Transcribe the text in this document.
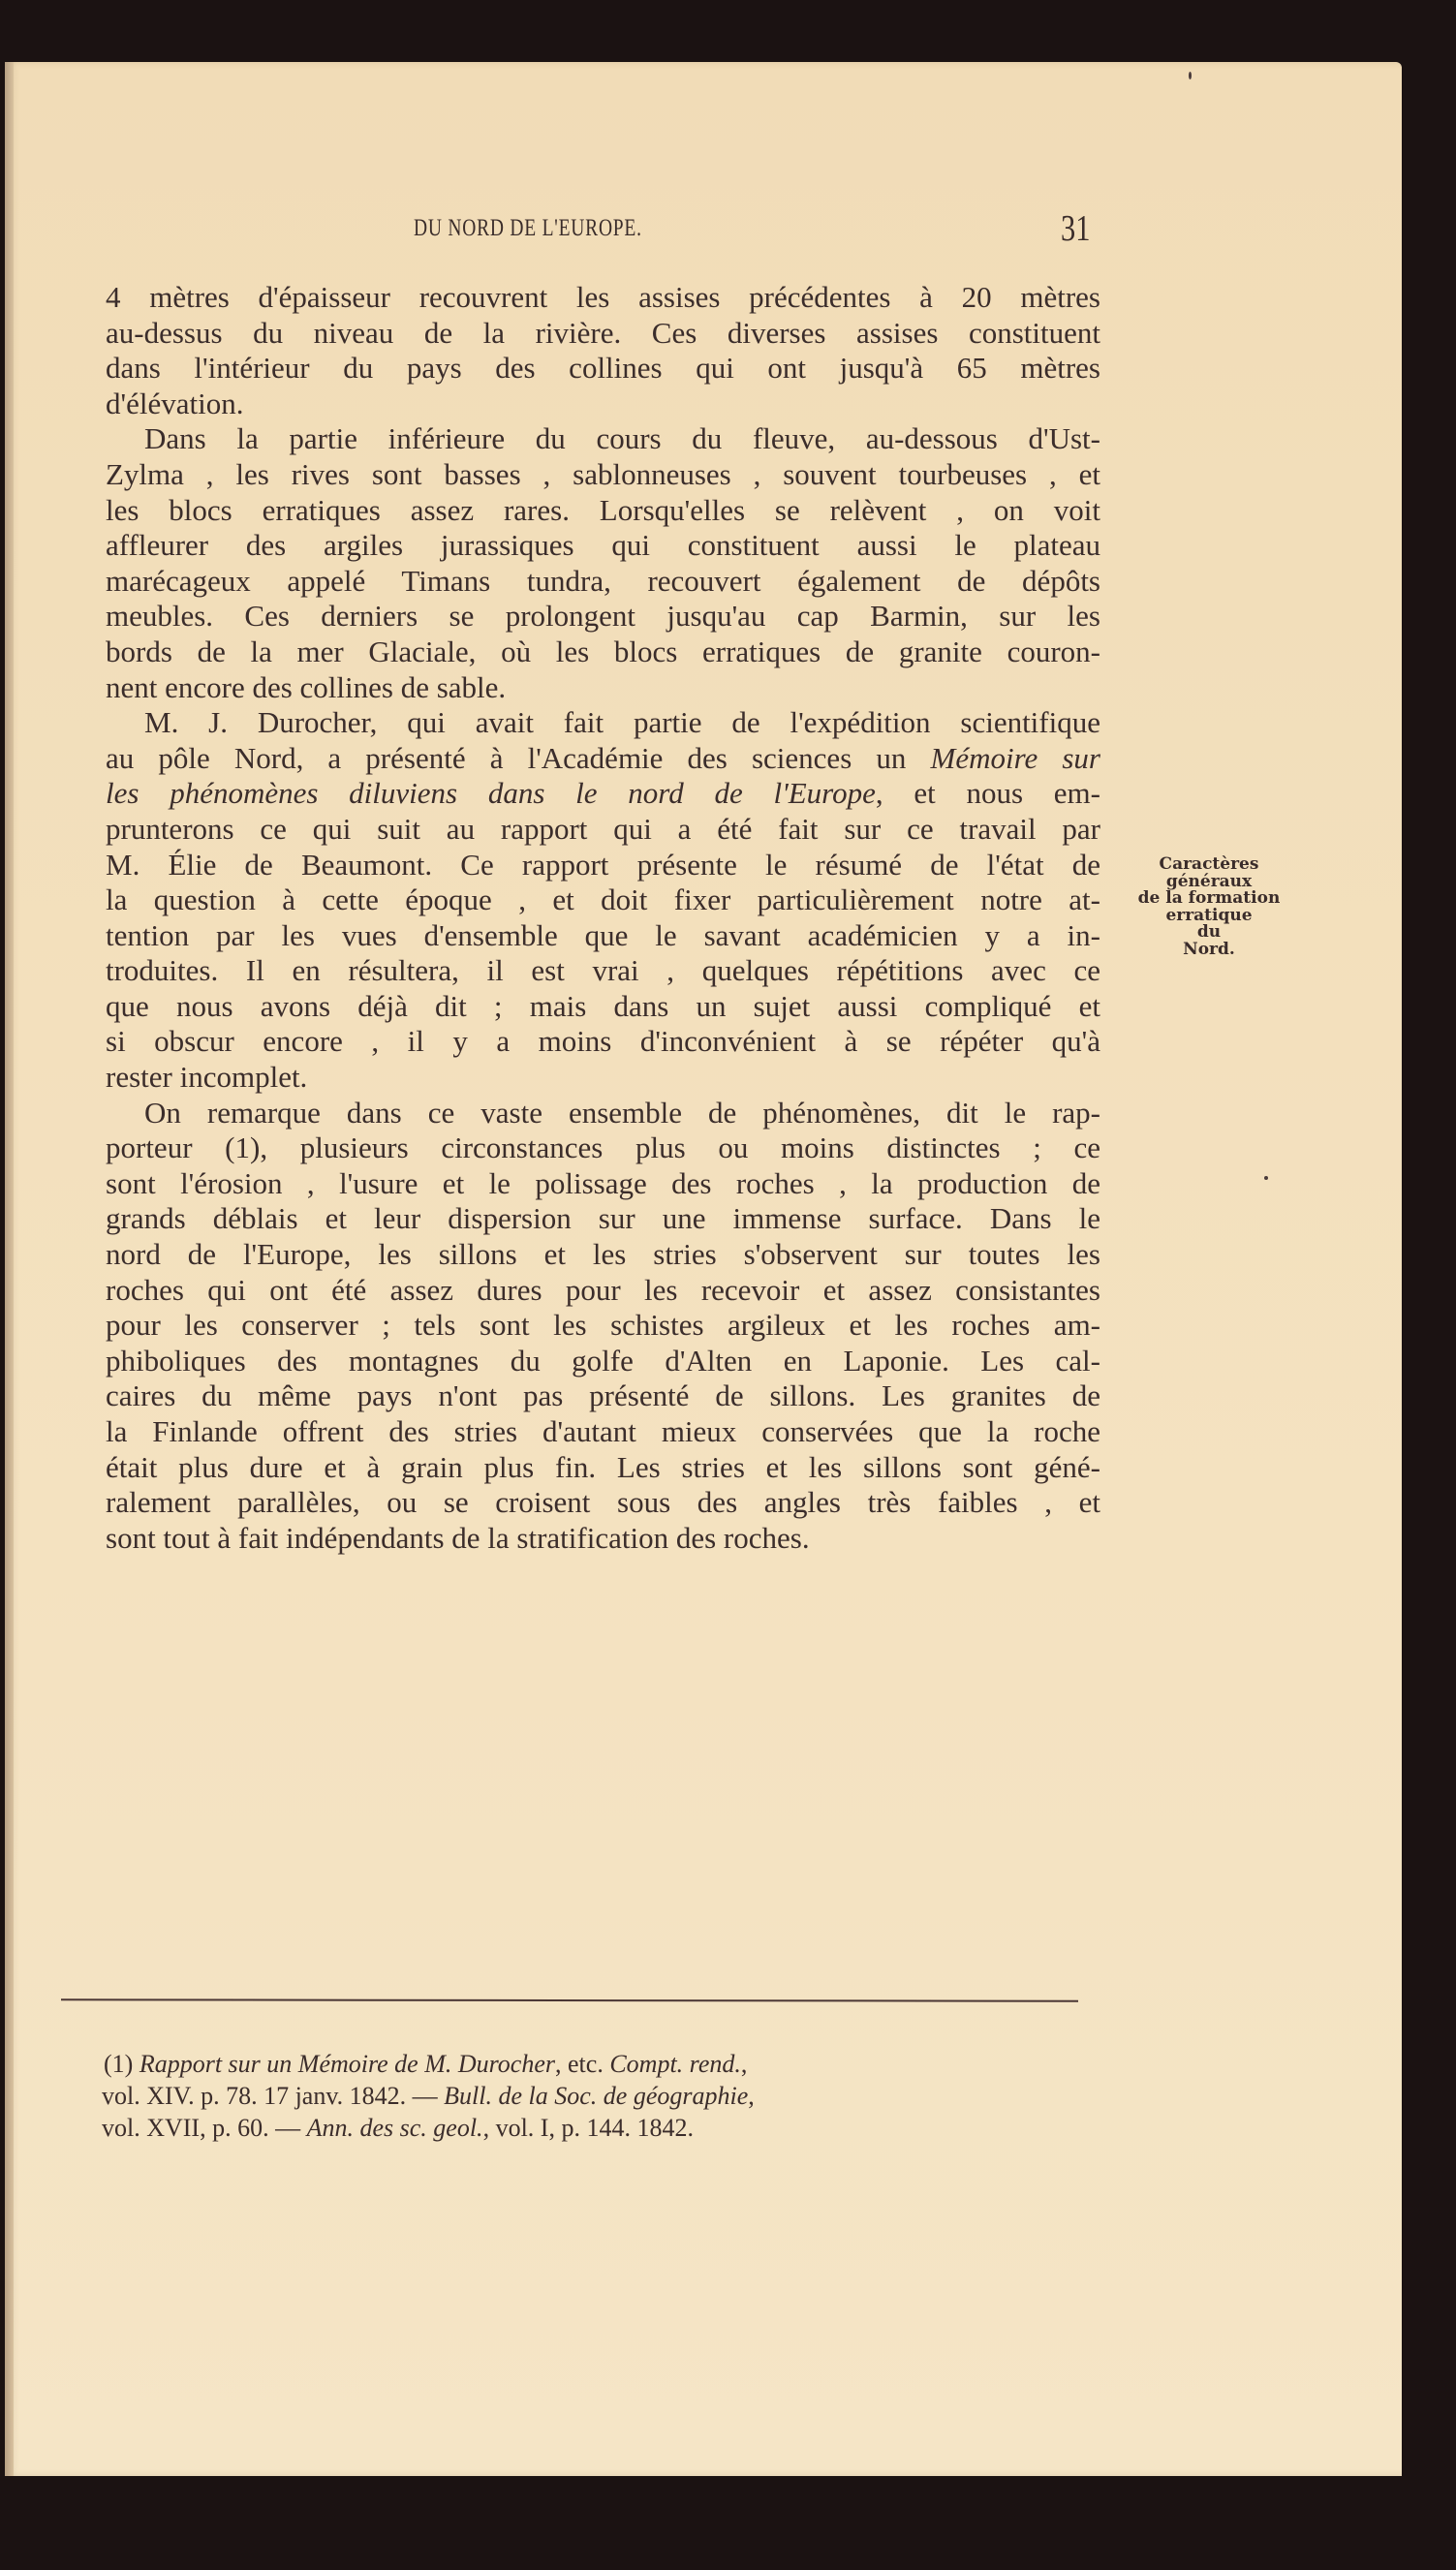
DU NORD DE L'EUROPE.	31
4 mètres d'épaisseur recouvrent les assises précédentes à 20 mètres
au-dessus du niveau de la rivière. Ces diverses assises constituent
dans l'intérieur du pays des collines qui ont jusqu'à 65 mètres
d'élévation.
Dans la partie inférieure du cours du fleuve, au-dessous d'Ust-
Zylma , les rives sont basses , sablonneuses , souvent tourbeuses , et
les blocs erratiques assez rares. Lorsqu'elles se relèvent , on voit
affleurer des argiles jurassiques qui constituent aussi le plateau
marécageux appelé Timans tundra, recouvert également de dépôts
meubles. Ces derniers se prolongent jusqu'au cap Barmin, sur les
bords de la mer Glaciale, où les blocs erratiques de granite couron-
nent encore des collines de sable.
M. J. Durocher, qui avait fait partie de l'expédition scientifique
au pôle Nord, a présenté à l'Académie des sciences un Mémoire sur
les phénomènes diluviens dans le nord de l'Europe, et nous em-
prunterons ce qui suit au rapport qui a été fait sur ce travail par
M. Élie de Beaumont. Ce rapport présente le résumé de l'état de
la question à cette époque , et doit fixer particulièrement notre at-
tention par les vues d'ensemble que le savant académicien y a in-
troduites. Il en résultera, il est vrai , quelques répétitions avec ce
que nous avons déjà dit ; mais dans un sujet aussi compliqué et
si obscur encore , il y a moins d'inconvénient à se répéter qu'à
rester incomplet.
On remarque dans ce vaste ensemble de phénomènes, dit le rap-
porteur (1), plusieurs circonstances plus ou moins distinctes ; ce
sont l'érosion , l'usure et le polissage des roches , la production de
grands déblais et leur dispersion sur une immense surface. Dans le
nord de l'Europe, les sillons et les stries s'observent sur toutes les
roches qui ont été assez dures pour les recevoir et assez consistantes
pour les conserver ; tels sont les schistes argileux et les roches am-
phiboliques des montagnes du golfe d'Alten en Laponie. Les cal-
caires du même pays n'ont pas présenté de sillons. Les granites de
la Finlande offrent des stries d'autant mieux conservées que la roche
était plus dure et à grain plus fin. Les stries et les sillons sont géné-
ralement parallèles, ou se croisent sous des angles très faibles , et
sont tout à fait indépendants de la stratification des roches.
Caractères
généraux
de la formation
erratique
du
Nord.
(1) Rapport sur un Mémoire de M. Durocher, etc. Compt. rend.,
vol. XIV. p. 78. 17 janv. 1842. — Bull. de la Soc. de géographie,
vol. XVII, p. 60. — Ann. des sc. geol., vol. I, p. 144. 1842.
